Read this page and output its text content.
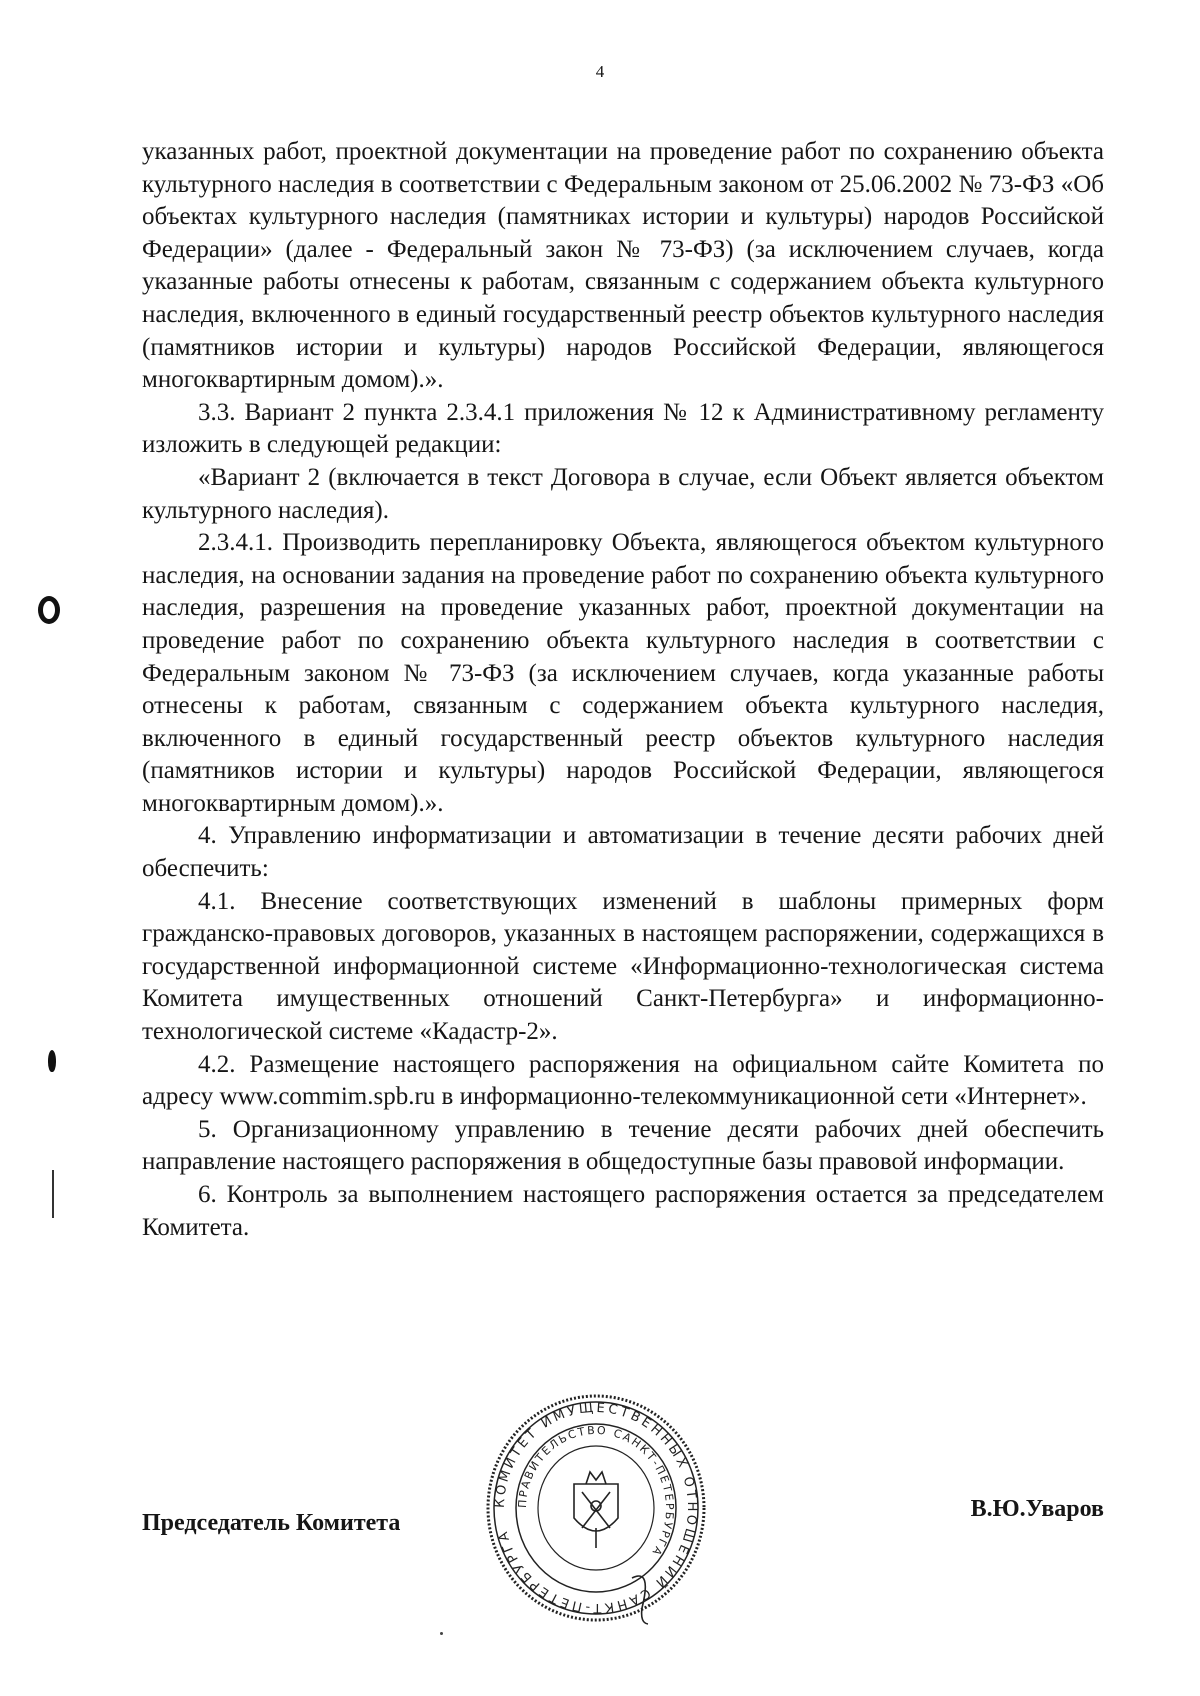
4

указанных работ, проектной документации на проведение работ по сохранению объекта культурного наследия в соответствии с Федеральным законом от 25.06.2002 № 73-ФЗ «Об объектах культурного наследия (памятниках истории и культуры) народов Российской Федерации» (далее - Федеральный закон № 73-ФЗ) (за исключением случаев, когда указанные работы отнесены к работам, связанным с содержанием объекта культурного наследия, включенного в единый государственный реестр объектов культурного наследия (памятников истории и культуры) народов Российской Федерации, являющегося многоквартирным домом).».

3.3. Вариант 2 пункта 2.3.4.1 приложения № 12 к Административному регламенту изложить в следующей редакции:

«Вариант 2 (включается в текст Договора в случае, если Объект является объектом культурного наследия).

2.3.4.1. Производить перепланировку Объекта, являющегося объектом культурного наследия, на основании задания на проведение работ по сохранению объекта культурного наследия, разрешения на проведение указанных работ, проектной документации на проведение работ по сохранению объекта культурного наследия в соответствии с Федеральным законом № 73-ФЗ (за исключением случаев, когда указанные работы отнесены к работам, связанным с содержанием объекта культурного наследия, включенного в единый государственный реестр объектов культурного наследия (памятников истории и культуры) народов Российской Федерации, являющегося многоквартирным домом).».

4. Управлению информатизации и автоматизации в течение десяти рабочих дней обеспечить:

4.1. Внесение соответствующих изменений в шаблоны примерных форм гражданско-правовых договоров, указанных в настоящем распоряжении, содержащихся в государственной информационной системе «Информационно-технологическая система Комитета имущественных отношений Санкт-Петербурга» и информационно-технологической системе «Кадастр-2».

4.2. Размещение настоящего распоряжения на официальном сайте Комитета по адресу www.commim.spb.ru в информационно-телекоммуникационной сети «Интернет».

5. Организационному управлению в течение десяти рабочих дней обеспечить направление настоящего распоряжения в общедоступные базы правовой информации.

6. Контроль за выполнением настоящего распоряжения остается за председателем Комитета.

Председатель Комитета
В.Ю.Уваров
КОМИТЕТ ИМУЩЕСТВЕННЫХ ОТНОШЕНИЙ САНКТ-ПЕТЕРБУРГА
ПРАВИТЕЛЬСТВО САНКТ-ПЕТЕРБУРГА
